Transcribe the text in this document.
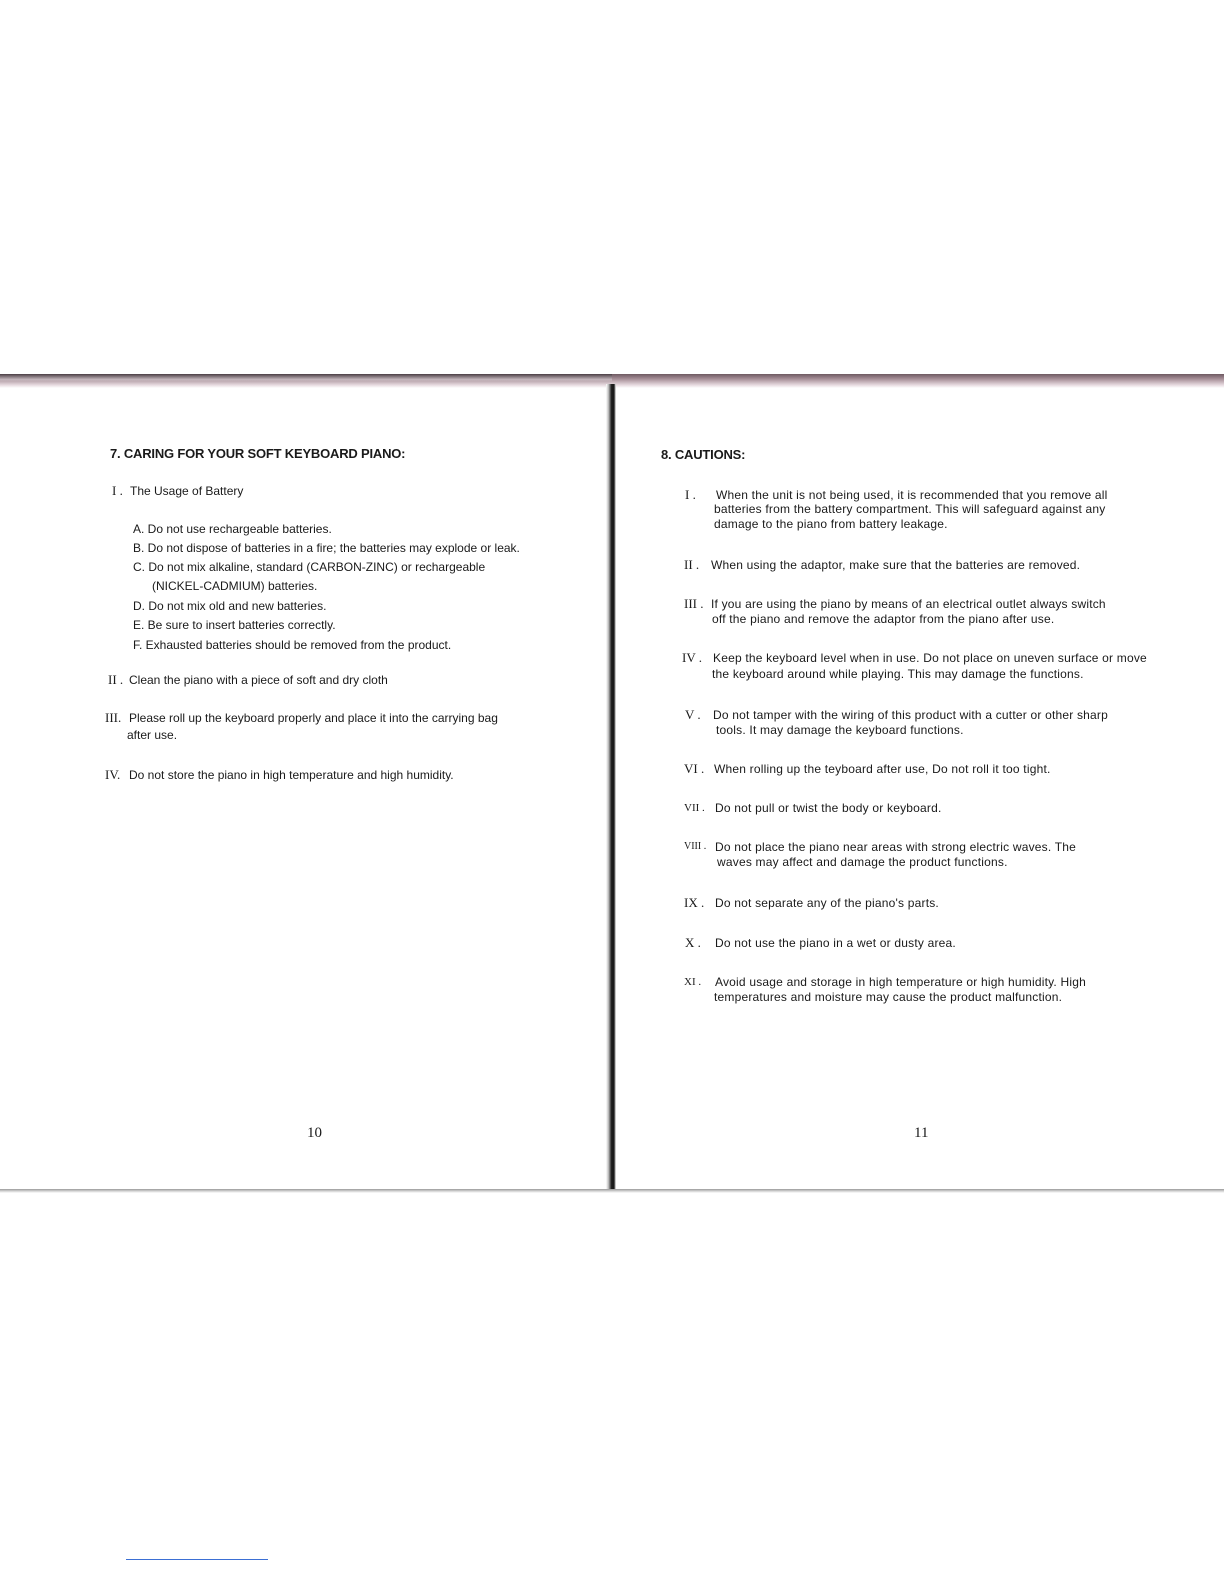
7. CARING FOR YOUR SOFT KEYBOARD PIANO:
I . The Usage of Battery
A. Do not use rechargeable batteries.
B. Do not dispose of batteries in a fire; the batteries may explode or leak.
C. Do not mix alkaline, standard (CARBON-ZINC) or rechargeable
(NICKEL-CADMIUM) batteries.
D. Do not mix old and new batteries.
E. Be sure to insert batteries correctly.
F. Exhausted batteries should be removed from the product.
II . Clean the piano with a piece of soft and dry cloth
III. Please roll up the keyboard properly and place it into the carrying bag
after use.
IV. Do not store the piano in high temperature and high humidity.
10
8. CAUTIONS:
I . When the unit is not being used, it is recommended that you remove all
batteries from the battery compartment. This will safeguard against any
damage to the piano from battery leakage.
II . When using the adaptor, make sure that the batteries are removed.
III . If you are using the piano by means of an electrical outlet always switch
off the piano and remove the adaptor from the piano after use.
IV . Keep the keyboard level when in use. Do not place on uneven surface or move
the keyboard around while playing. This may damage the functions.
V . Do not tamper with the wiring of this product with a cutter or other sharp
tools. It may damage the keyboard functions.
VI . When rolling up the teyboard after use, Do not roll it too tight.
VII . Do not pull or twist the body or keyboard.
VIII . Do not place the piano near areas with strong electric waves. The
waves may affect and damage the product functions.
IX . Do not separate any of the piano's parts.
X . Do not use the piano in a wet or dusty area.
XI . Avoid usage and storage in high temperature or high humidity. High
temperatures and moisture may cause the product malfunction.
11
